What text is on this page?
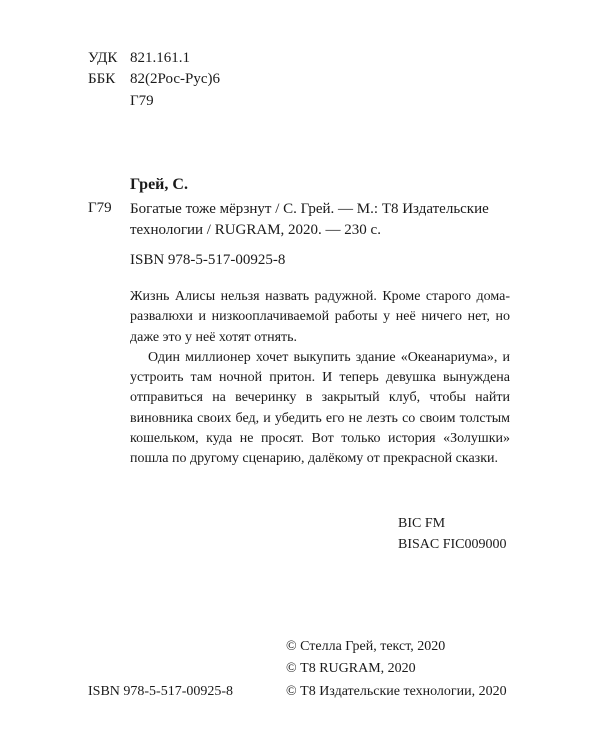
УДК 821.161.1
ББК 82(2Рос-Рус)6
Г79
Грей, С.
Г79 Богатые тоже мёрзнут / С. Грей. — М.: Т8 Издательские технологии / RUGRAM, 2020. — 230 с.
ISBN 978-5-517-00925-8

Жизнь Алисы нельзя назвать радужной. Кроме старого дома-развалюхи и низкооплачиваемой работы у неё ничего нет, но даже это у неё хотят отнять.

Один миллионер хочет выкупить здание «Океанариума», и устроить там ночной притон. И теперь девушка вынуждена отправиться на вечеринку в закрытый клуб, чтобы найти виновника своих бед, и убедить его не лезть со своим толстым кошельком, куда не просят. Вот только история «Золушки» пошла по другому сценарию, далёкому от прекрасной сказки.

BIC FM
BISAC FIC009000
© Стелла Грей, текст, 2020
© Т8 RUGRAM, 2020
© Т8 Издательские технологии, 2020
ISBN 978-5-517-00925-8
